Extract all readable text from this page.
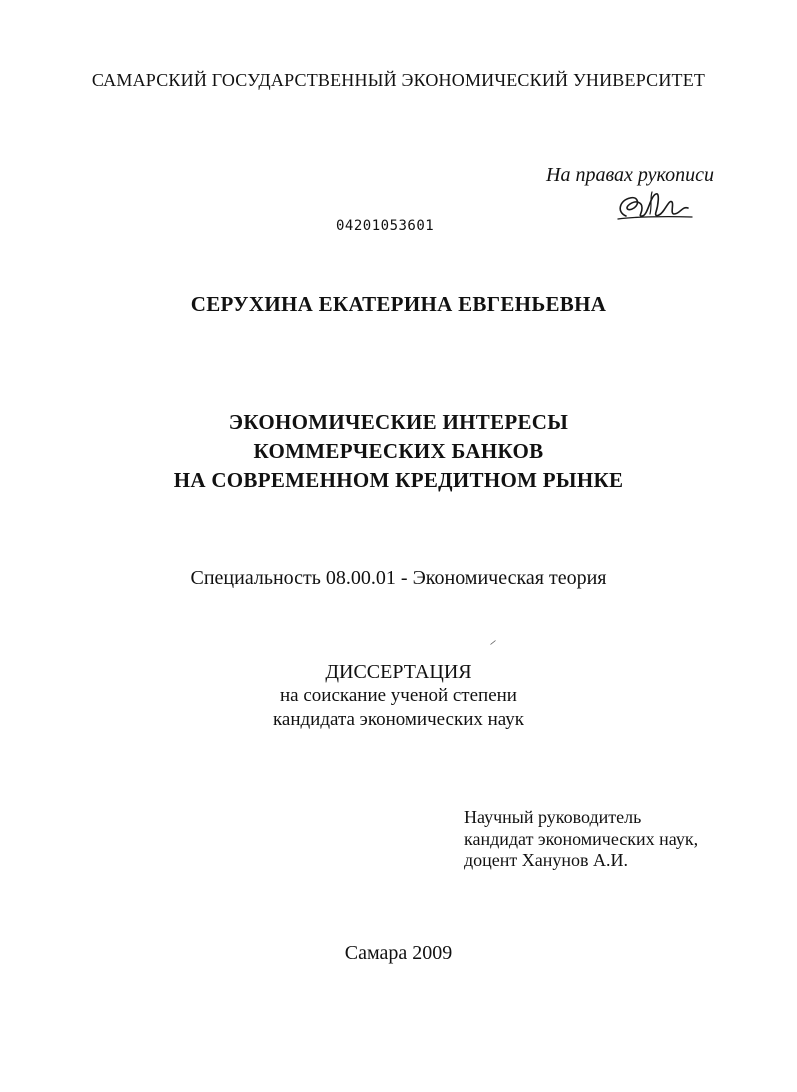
САМАРСКИЙ ГОСУДАРСТВЕННЫЙ ЭКОНОМИЧЕСКИЙ УНИВЕРСИТЕТ
На правах рукописи
04201053601
СЕРУХИНА ЕКАТЕРИНА ЕВГЕНЬЕВНА
ЭКОНОМИЧЕСКИЕ ИНТЕРЕСЫ
КОММЕРЧЕСКИХ БАНКОВ
НА СОВРЕМЕННОМ КРЕДИТНОМ РЫНКЕ
Специальность 08.00.01 - Экономическая теория
ДИССЕРТАЦИЯ
на соискание ученой степени
кандидата экономических наук
Научный руководитель
кандидат экономических наук,
доцент Ханунов А.И.
Самара 2009
